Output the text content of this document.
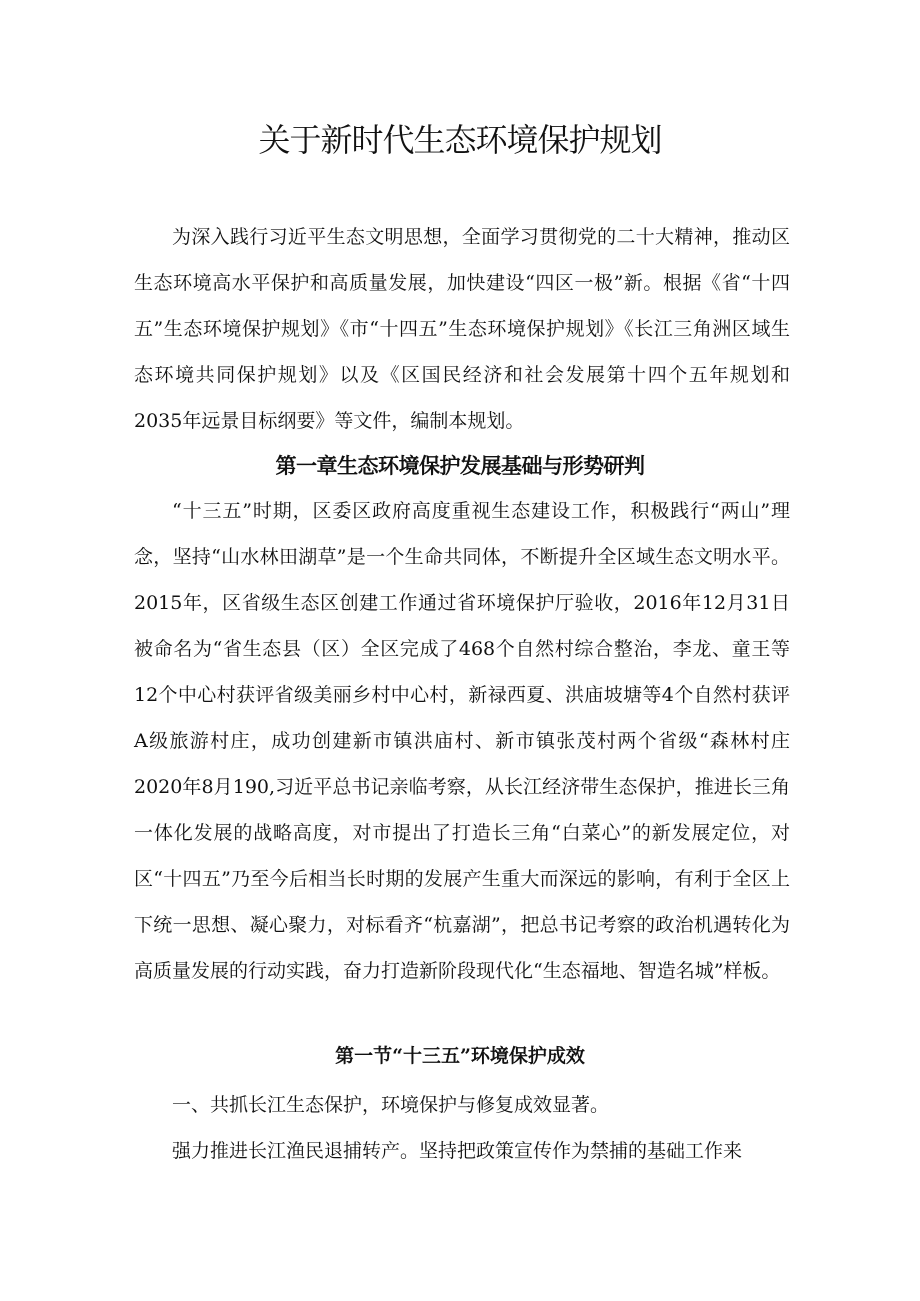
关于新时代生态环境保护规划

为深入践行习近平生态文明思想，全面学习贯彻党的二十大精神，推动区生态环境高水平保护和高质量发展，加快建设“四区一极”新。根据《省“十四五”生态环境保护规划》《市“十四五”生态环境保护规划》《长江三角洲区域生态环境共同保护规划》以及《区国民经济和社会发展第十四个五年规划和2035年远景目标纲要》等文件，编制本规划。

第一章生态环境保护发展基础与形势研判

“十三五”时期，区委区政府高度重视生态建设工作，积极践行“两山”理念，坚持“山水林田湖草”是一个生命共同体，不断提升全区域生态文明水平。2015年，区省级生态区创建工作通过省环境保护厅验收，2016年12月31日被命名为“省生态县（区）全区完成了468个自然村综合整治，李龙、童王等12个中心村获评省级美丽乡村中心村，新禄西夏、洪庙坡塘等4个自然村获评A级旅游村庄，成功创建新市镇洪庙村、新市镇张茂村两个省级“森林村庄2020年8月190,习近平总书记亲临考察，从长江经济带生态保护，推进长三角一体化发展的战略高度，对市提出了打造长三角“白菜心”的新发展定位，对区“十四五”乃至今后相当长时期的发展产生重大而深远的影响，有利于全区上下统一思想、凝心聚力，对标看齐“杭嘉湖”，把总书记考察的政治机遇转化为高质量发展的行动实践，奋力打造新阶段现代化“生态福地、智造名城”样板。

第一节“十三五”环境保护成效

一、共抓长江生态保护，环境保护与修复成效显著。

强力推进长江渔民退捕转产。坚持把政策宣传作为禁捕的基础工作来
